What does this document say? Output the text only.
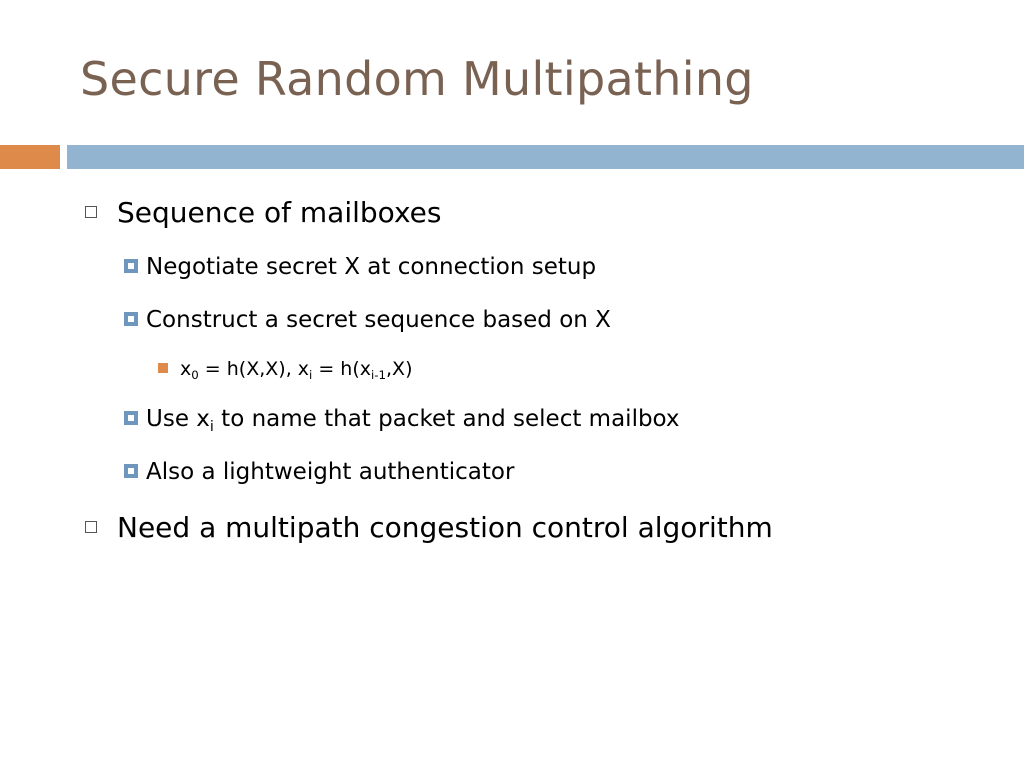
Secure Random Multipathing
Sequence of mailboxes
Negotiate secret X at connection setup
Construct a secret sequence based on X
$x_0 = h(X,X)$, $x_i = h(x_{i-1},X)$
Use $x_i$ to name that packet and select mailbox
Also a lightweight authenticator
Need a multipath congestion control algorithm
